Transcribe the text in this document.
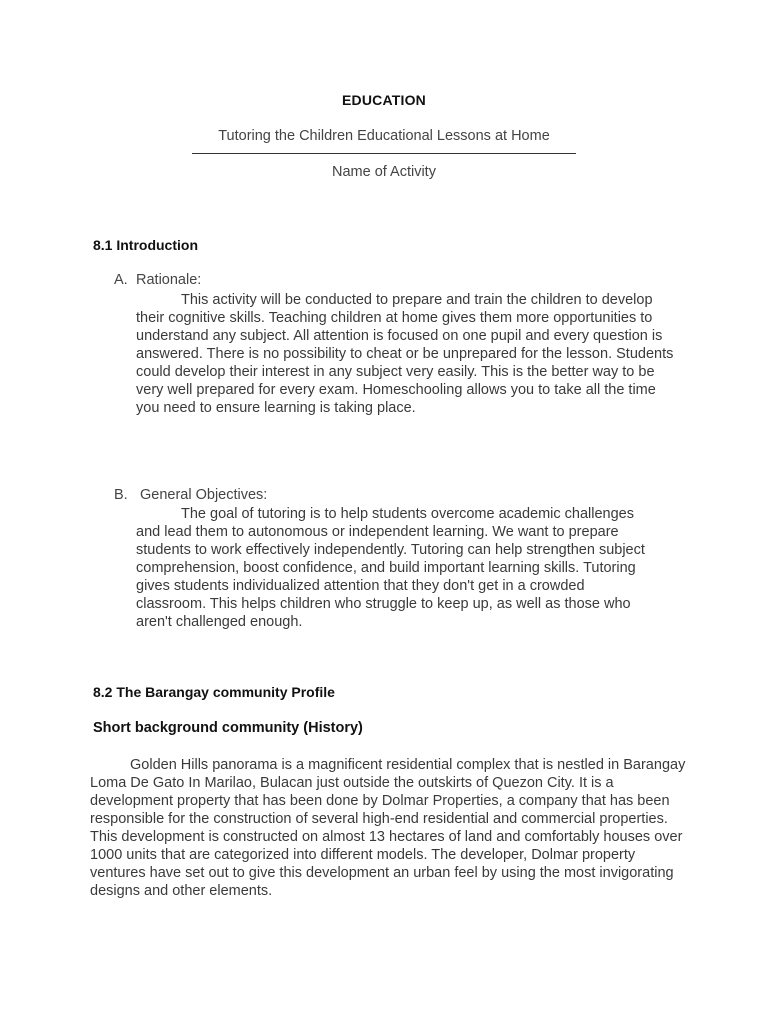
EDUCATION
Tutoring the Children Educational Lessons at Home
Name of Activity
8.1 Introduction
A. Rationale:

This activity will be conducted to prepare and train the children to develop their cognitive skills. Teaching children at home gives them more opportunities to understand any subject. All attention is focused on one pupil and every question is answered. There is no possibility to cheat or be unprepared for the lesson. Students could develop their interest in any subject very easily. This is the better way to be very well prepared for every exam. Homeschooling allows you to take all the time you need to ensure learning is taking place.

B. General Objectives:

The goal of tutoring is to help students overcome academic challenges and lead them to autonomous or independent learning. We want to prepare students to work effectively independently. Tutoring can help strengthen subject comprehension, boost confidence, and build important learning skills. Tutoring gives students individualized attention that they don't get in a crowded classroom. This helps children who struggle to keep up, as well as those who aren't challenged enough.

8.2 The Barangay community Profile
Short background community (History)

Golden Hills panorama is a magnificent residential complex that is nestled in Barangay Loma De Gato In Marilao, Bulacan just outside the outskirts of Quezon City. It is a development property that has been done by Dolmar Properties, a company that has been responsible for the construction of several high-end residential and commercial properties. This development is constructed on almost 13 hectares of land and comfortably houses over 1000 units that are categorized into different models. The developer, Dolmar property ventures have set out to give this development an urban feel by using the most invigorating designs and other elements.
